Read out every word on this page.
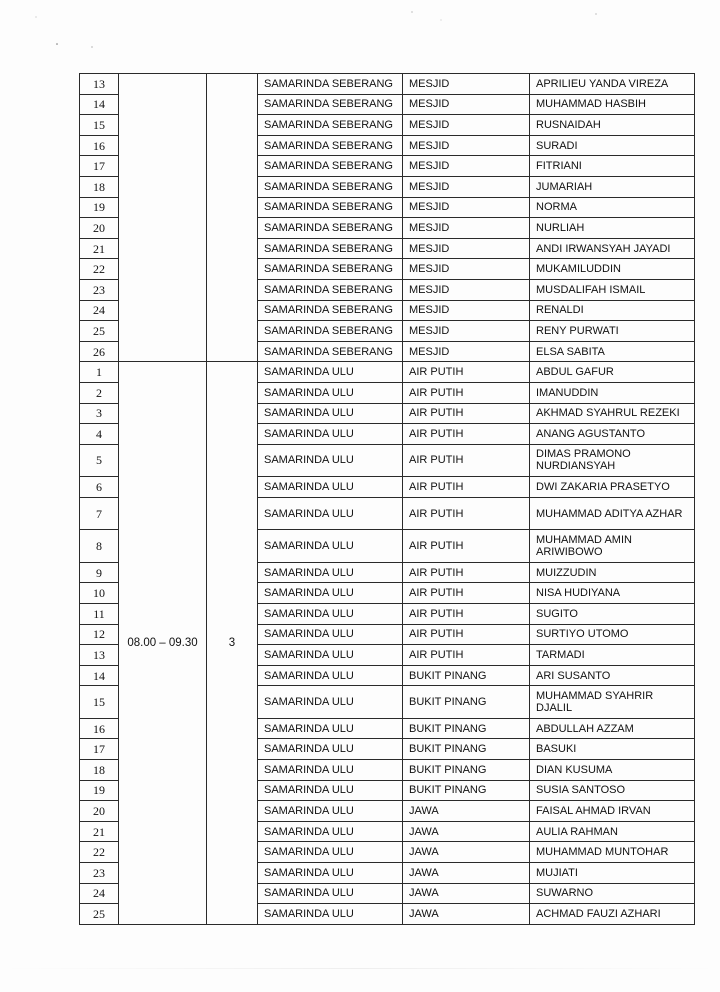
13			SAMARINDA SEBERANG	MESJID	APRILIEU YANDA VIREZA
14			SAMARINDA SEBERANG	MESJID	MUHAMMAD HASBIH
15			SAMARINDA SEBERANG	MESJID	RUSNAIDAH
16			SAMARINDA SEBERANG	MESJID	SURADI
17			SAMARINDA SEBERANG	MESJID	FITRIANI
18			SAMARINDA SEBERANG	MESJID	JUMARIAH
19			SAMARINDA SEBERANG	MESJID	NORMA
20			SAMARINDA SEBERANG	MESJID	NURLIAH
21			SAMARINDA SEBERANG	MESJID	ANDI IRWANSYAH JAYADI
22			SAMARINDA SEBERANG	MESJID	MUKAMILUDDIN
23			SAMARINDA SEBERANG	MESJID	MUSDALIFAH ISMAIL
24			SAMARINDA SEBERANG	MESJID	RENALDI
25			SAMARINDA SEBERANG	MESJID	RENY PURWATI
26			SAMARINDA SEBERANG	MESJID	ELSA SABITA
1	08.00 – 09.30	3	SAMARINDA ULU	AIR PUTIH	ABDUL GAFUR
2			SAMARINDA ULU	AIR PUTIH	IMANUDDIN
3			SAMARINDA ULU	AIR PUTIH	AKHMAD SYAHRUL REZEKI
4			SAMARINDA ULU	AIR PUTIH	ANANG AGUSTANTO
5			SAMARINDA ULU	AIR PUTIH	DIMAS PRAMONO NURDIANSYAH
6			SAMARINDA ULU	AIR PUTIH	DWI ZAKARIA PRASETYO
7			SAMARINDA ULU	AIR PUTIH	MUHAMMAD ADITYA AZHAR
8			SAMARINDA ULU	AIR PUTIH	MUHAMMAD AMIN ARIWIBOWO
9			SAMARINDA ULU	AIR PUTIH	MUIZZUDIN
10			SAMARINDA ULU	AIR PUTIH	NISA HUDIYANA
11			SAMARINDA ULU	AIR PUTIH	SUGITO
12			SAMARINDA ULU	AIR PUTIH	SURTIYO UTOMO
13			SAMARINDA ULU	AIR PUTIH	TARMADI
14			SAMARINDA ULU	BUKIT PINANG	ARI SUSANTO
15			SAMARINDA ULU	BUKIT PINANG	MUHAMMAD SYAHRIR DJALIL
16			SAMARINDA ULU	BUKIT PINANG	ABDULLAH AZZAM
17			SAMARINDA ULU	BUKIT PINANG	BASUKI
18			SAMARINDA ULU	BUKIT PINANG	DIAN KUSUMA
19			SAMARINDA ULU	BUKIT PINANG	SUSIA SANTOSO
20			SAMARINDA ULU	JAWA	FAISAL AHMAD IRVAN
21			SAMARINDA ULU	JAWA	AULIA RAHMAN
22			SAMARINDA ULU	JAWA	MUHAMMAD MUNTOHAR
23			SAMARINDA ULU	JAWA	MUJIATI
24			SAMARINDA ULU	JAWA	SUWARNO
25			SAMARINDA ULU	JAWA	ACHMAD FAUZI AZHARI
